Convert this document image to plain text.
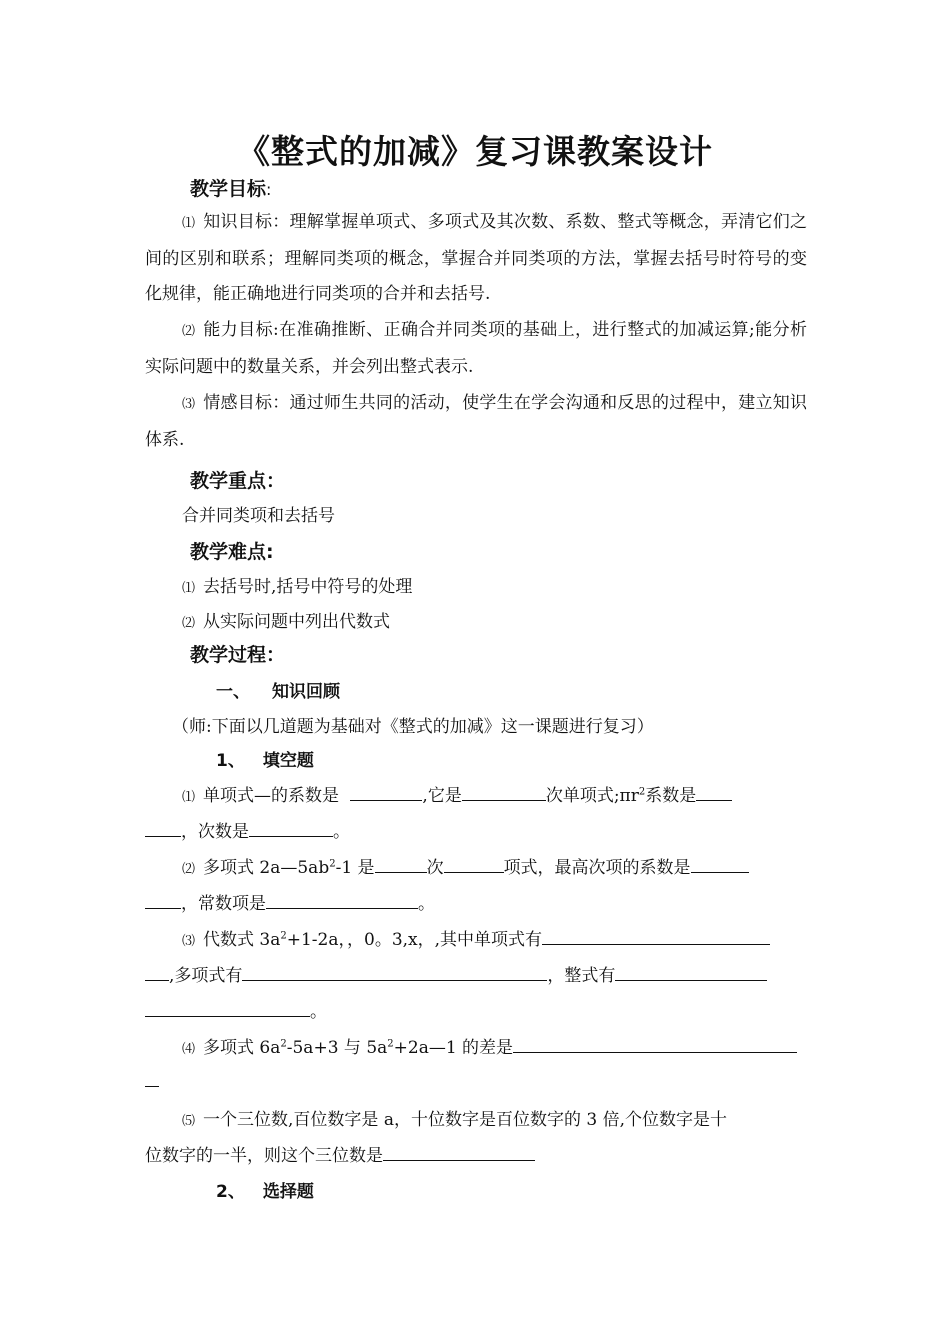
《整式的加减》复习课教案设计
教学目标:
⑴ 知识目标：理解掌握单项式、多项式及其次数、系数、整式等概念，弄清它们之间的区别和联系；理解同类项的概念，掌握合并同类项的方法，掌握去括号时符号的变化规律，能正确地进行同类项的合并和去括号.
⑵ 能力目标:在准确推断、正确合并同类项的基础上，进行整式的加减运算;能分析实际问题中的数量关系，并会列出整式表示.
⑶ 情感目标：通过师生共同的活动，使学生在学会沟通和反思的过程中，建立知识体系.
教学重点：
合并同类项和去括号
教学难点:
⑴ 去括号时,括号中符号的处理
⑵ 从实际问题中列出代数式
教学过程：
一、 知识回顾
（师:下面以几道题为基础对《整式的加减》这一课题进行复习）
1、 填空题
⑴ 单项式—的系数是	,它是	次单项式$;\pi r^2$系数是
，次数是	。
⑵ 多项式 $2a—5ab^2-1$ 是	次	项式，最高次项的系数是
，常数项是	。
⑶ 代数式 $3a^2+1-2a$，，0。3,x，,其中单项式有
,多项式有	，整式有
。
⑷ 多项式 $6a^2-5a+3$ 与 $5a^2+2a—1$ 的差是
⑸ 一个三位数,百位数字是 a，十位数字是百位数字的 3 倍,个位数字是十
位数字的一半，则这个三位数是
2、 选择题
